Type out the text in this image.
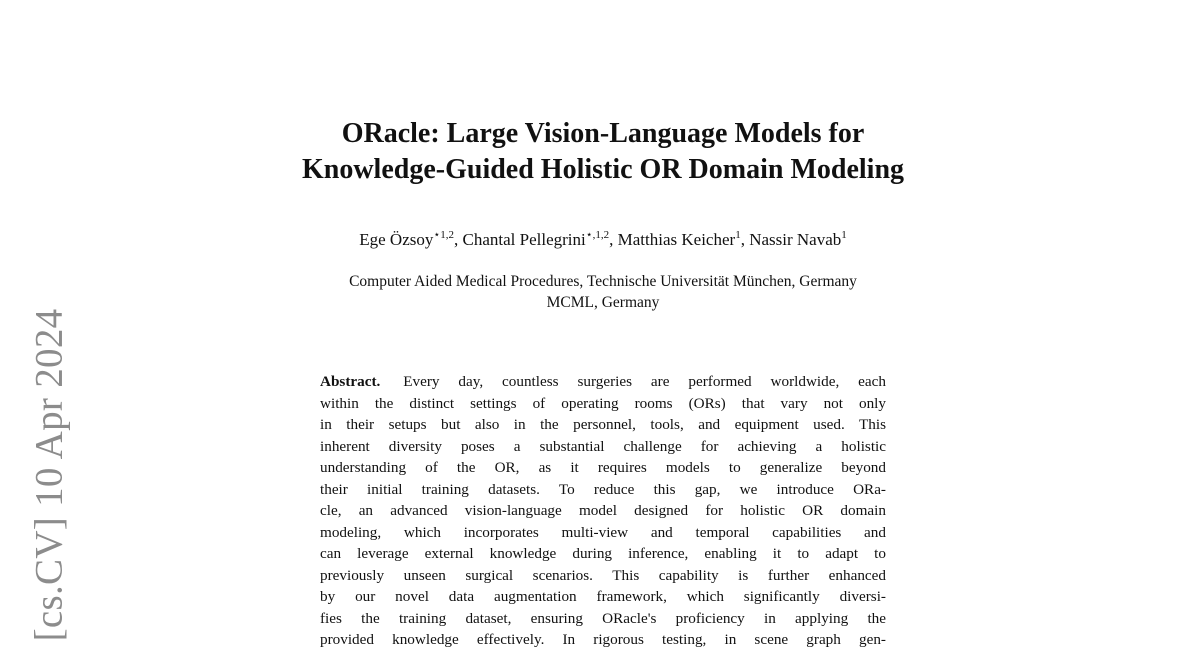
[cs.CV] 10 Apr 2024
ORacle: Large Vision-Language Models for
Knowledge-Guided Holistic OR Domain Modeling
Ege Özsoy$^{⋆1,2}$, Chantal Pellegrini$^{⋆,1,2}$, Matthias Keicher$^1$, Nassir Navab$^1$
Computer Aided Medical Procedures, Technische Universität München, Germany
MCML, Germany
Abstract. Every day, countless surgeries are performed worldwide, each
within the distinct settings of operating rooms (ORs) that vary not only
in their setups but also in the personnel, tools, and equipment used. This
inherent diversity poses a substantial challenge for achieving a holistic
understanding of the OR, as it requires models to generalize beyond
their initial training datasets. To reduce this gap, we introduce ORa-
cle, an advanced vision-language model designed for holistic OR domain
modeling, which incorporates multi-view and temporal capabilities and
can leverage external knowledge during inference, enabling it to adapt to
previously unseen surgical scenarios. This capability is further enhanced
by our novel data augmentation framework, which significantly diversi-
fies the training dataset, ensuring ORacle's proficiency in applying the
provided knowledge effectively. In rigorous testing, in scene graph gen-
